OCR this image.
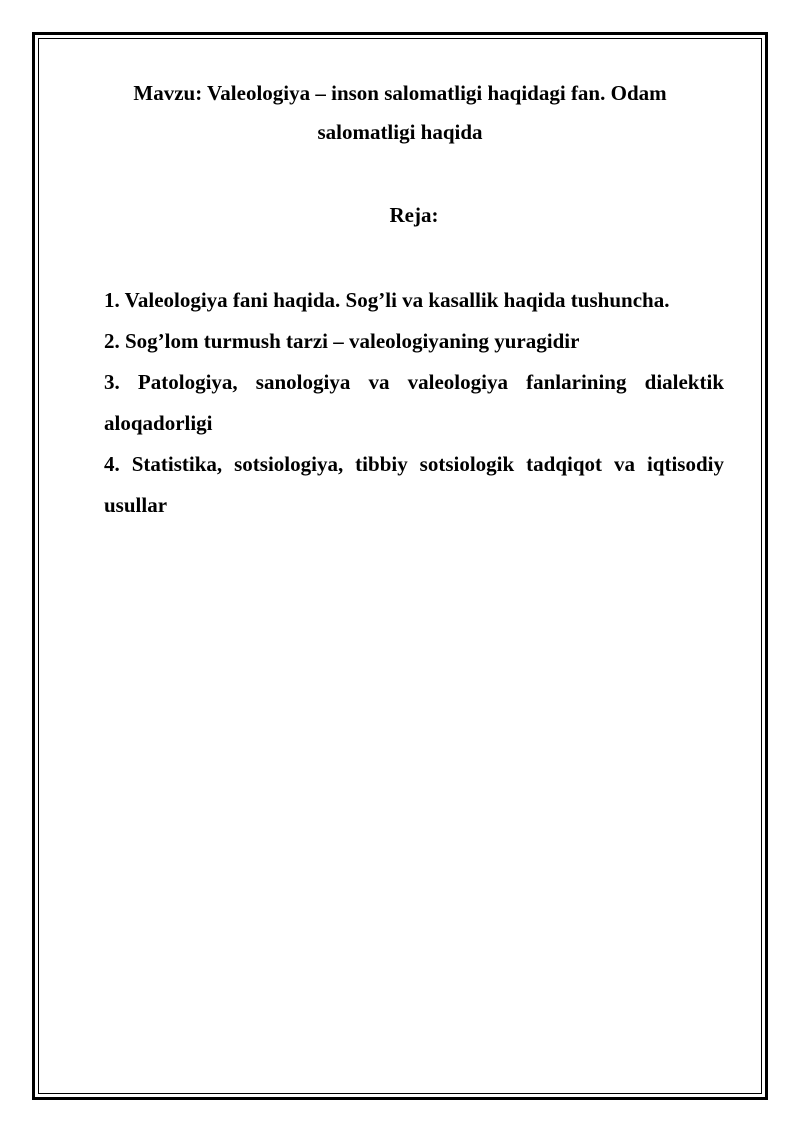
Mavzu: Valeologiya – inson salomatligi haqidagi fan. Odam
salomatligi haqida
Reja:
1. Valeologiya fani haqida. Sog’li va kasallik haqida tushuncha.
2. Sog’lom turmush tarzi – valeologiyaning yuragidir
3. Patologiya, sanologiya va valeologiya fanlarining dialektik aloqadorligi
4. Statistika, sotsiologiya, tibbiy sotsiologik tadqiqot va iqtisodiy usullar
